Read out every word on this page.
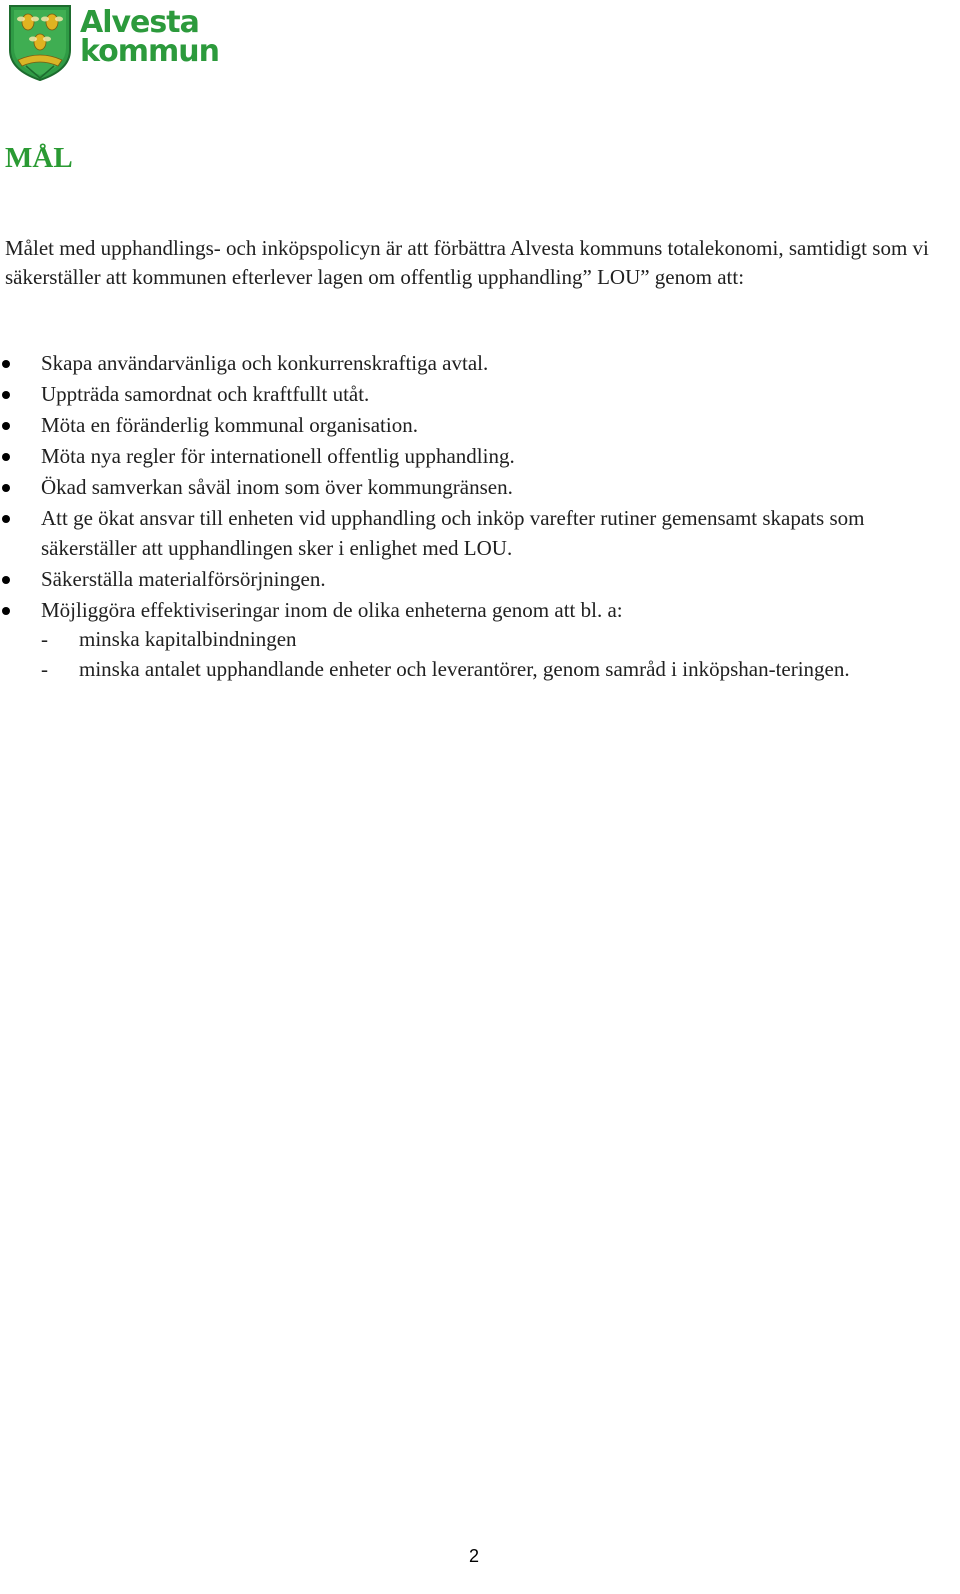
Alvesta
kommun
MÅL

Målet med upphandlings- och inköpspolicyn är att förbättra Alvesta kommuns totalekonomi, samtidigt som vi säkerställer att kommunen efterlever lagen om offentlig upphandling” LOU” genom att:

Skapa användarvänliga och konkurrenskraftiga avtal.
Uppträda samordnat och kraftfullt utåt.
Möta en föränderlig kommunal organisation.
Möta nya regler för internationell offentlig upphandling.
Ökad samverkan såväl inom som över kommungränsen.
Att ge ökat ansvar till enheten vid upphandling och inköp varefter rutiner gemensamt skapats som säkerställer att upphandlingen sker i enlighet med LOU.
Säkerställa materialförsörjningen.
Möjliggöra effektiviseringar inom de olika enheterna genom att bl. a:
- minska kapitalbindningen
- minska antalet upphandlande enheter och leverantörer, genom samråd i inköpshan-teringen.
2
